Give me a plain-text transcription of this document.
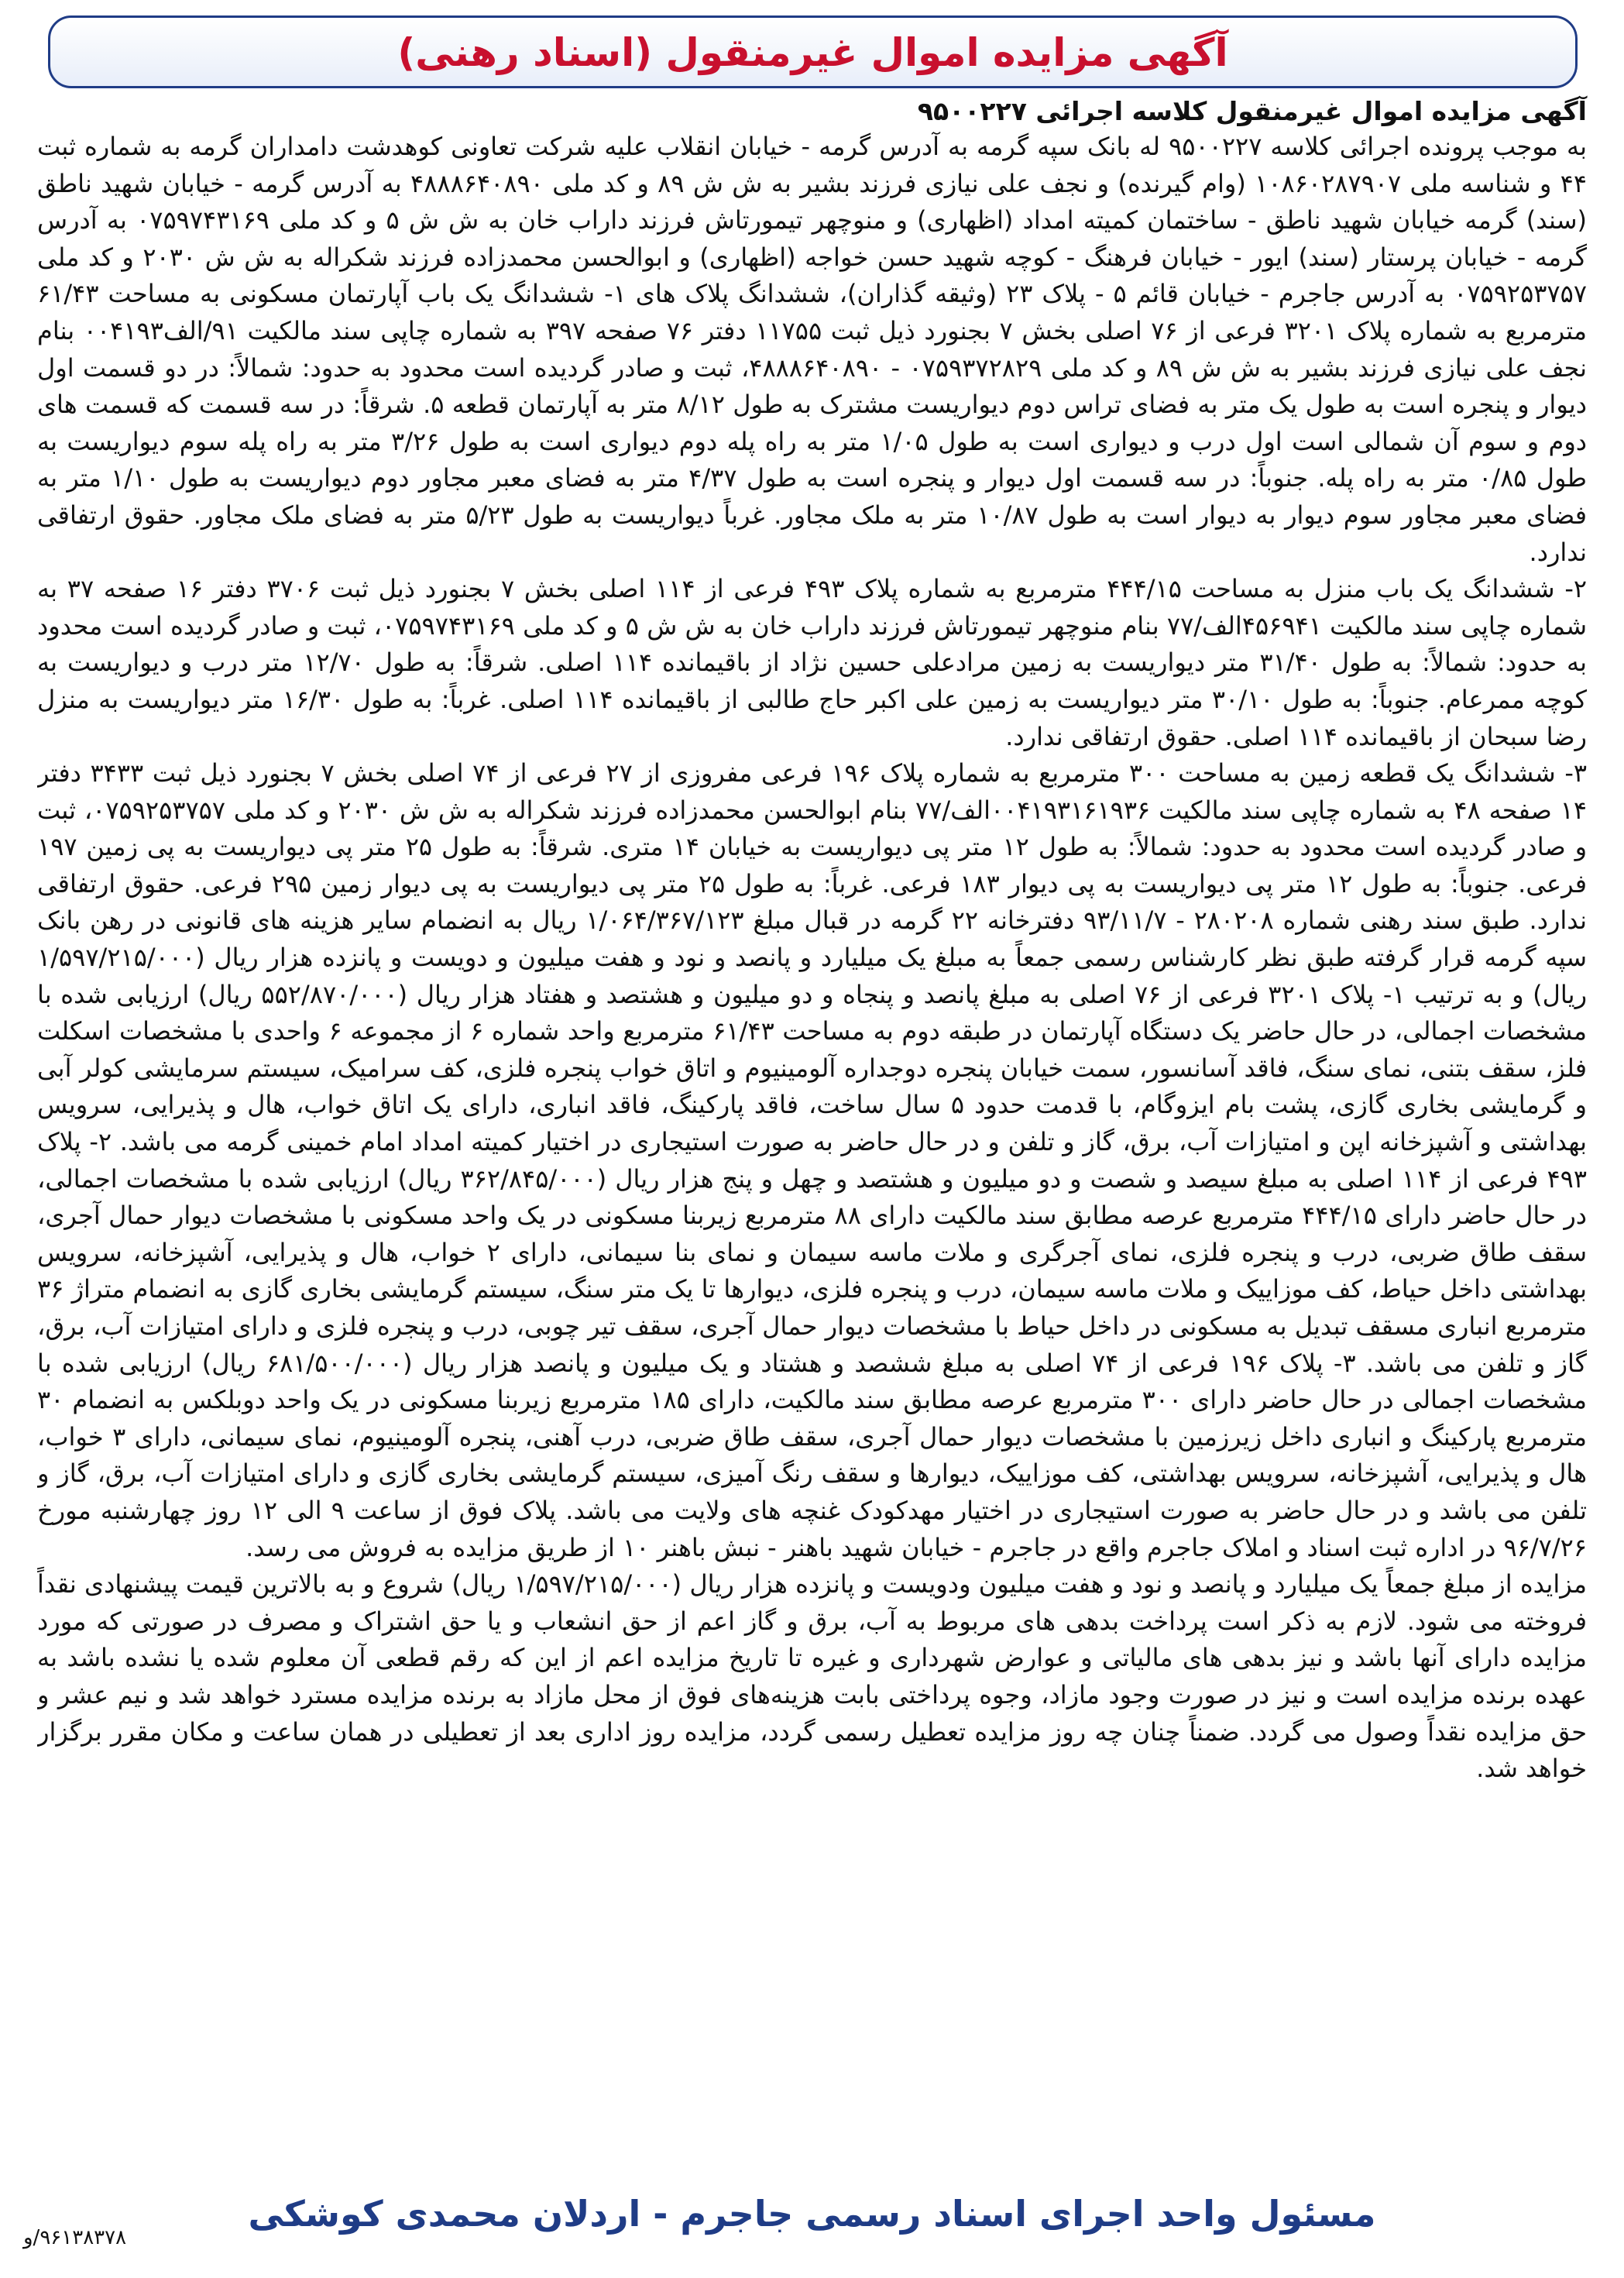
آگهی مزایده اموال غیرمنقول (اسناد رهنی)
آگهی مزایده اموال غیرمنقول کلاسه اجرائی ۹۵۰۰۲۲۷

به موجب پرونده اجرائی کلاسه ۹۵۰۰۲۲۷ له بانک سپه گرمه به آدرس گرمه - خیابان انقلاب علیه شرکت تعاونی کوهدشت دامداران گرمه به شماره ثبت ۴۴ و شناسه ملی ۱۰۸۶۰۲۸۷۹۰۷ (وام گیرنده) و نجف علی نیازی فرزند بشیر به ش ش ۸۹ و کد ملی ۴۸۸۸۶۴۰۸۹۰ به آدرس گرمه - خیابان شهید ناطق (سند) گرمه خیابان شهید ناطق - ساختمان کمیته امداد (اظهاری) و منوچهر تیمورتاش فرزند داراب خان به ش ش ۵ و کد ملی ۰۷۵۹۷۴۳۱۶۹ به آدرس گرمه - خیابان پرستار (سند) ایور - خیابان فرهنگ - کوچه شهید حسن خواجه (اظهاری) و ابوالحسن محمدزاده فرزند شکراله به ش ش ۲۰۳۰ و کد ملی ۰۷۵۹۲۵۳۷۵۷ به آدرس جاجرم - خیابان قائم ۵ - پلاک ۲۳ (وثیقه گذاران)، ششدانگ پلاک های ۱- ششدانگ یک باب آپارتمان مسکونی به مساحت ۶۱/۴۳ مترمربع به شماره پلاک ۳۲۰۱ فرعی از ۷۶ اصلی بخش ۷ بجنورد ذیل ثبت ۱۱۷۵۵ دفتر ۷۶ صفحه ۳۹۷ به شماره چاپی سند مالکیت ۹۱/الف۰۰۴۱۹۳ بنام نجف علی نیازی فرزند بشیر به ش ش ۸۹ و کد ملی ۰۷۵۹۳۷۲۸۲۹ - ۴۸۸۸۶۴۰۸۹۰، ثبت و صادر گردیده است محدود به حدود: شمالاً: در دو قسمت اول دیوار و پنجره است به طول یک متر به فضای تراس دوم دیواریست مشترک به طول ۸/۱۲ متر به آپارتمان قطعه ۵. شرقاً: در سه قسمت که قسمت های دوم و سوم آن شمالی است اول درب و دیواری است به طول ۱/۰۵ متر به راه پله دوم دیواری است به طول ۳/۲۶ متر به راه پله سوم دیواریست به طول ۰/۸۵ متر به راه پله. جنوباً: در سه قسمت اول دیوار و پنجره است به طول ۴/۳۷ متر به فضای معبر مجاور دوم دیواریست به طول ۱/۱۰ متر به فضای معبر مجاور سوم دیوار به دیوار است به طول ۱۰/۸۷ متر به ملک مجاور. غرباً دیواریست به طول ۵/۲۳ متر به فضای ملک مجاور. حقوق ارتفاقی ندارد.

۲- ششدانگ یک باب منزل به مساحت ۴۴۴/۱۵ مترمربع به شماره پلاک ۴۹۳ فرعی از ۱۱۴ اصلی بخش ۷ بجنورد ذیل ثبت ۳۷۰۶ دفتر ۱۶ صفحه ۳۷ به شماره چاپی سند مالکیت ۴۵۶۹۴۱الف/۷۷ بنام منوچهر تیمورتاش فرزند داراب خان به ش ش ۵ و کد ملی ۰۷۵۹۷۴۳۱۶۹، ثبت و صادر گردیده است محدود به حدود: شمالاً: به طول ۳۱/۴۰ متر دیواریست به زمین مرادعلی حسین نژاد از باقیمانده ۱۱۴ اصلی. شرقاً: به طول ۱۲/۷۰ متر درب و دیواریست به کوچه ممرعام. جنوباً: به طول ۳۰/۱۰ متر دیواریست به زمین علی اکبر حاج طالبی از باقیمانده ۱۱۴ اصلی. غرباً: به طول ۱۶/۳۰ متر دیواریست به منزل رضا سبحان از باقیمانده ۱۱۴ اصلی. حقوق ارتفاقی ندارد.

۳- ششدانگ یک قطعه زمین به مساحت ۳۰۰ مترمربع به شماره پلاک ۱۹۶ فرعی مفروزی از ۲۷ فرعی از ۷۴ اصلی بخش ۷ بجنورد ذیل ثبت ۳۴۳۳ دفتر ۱۴ صفحه ۴۸ به شماره چاپی سند مالکیت ۰۰۴۱۹۳۱۶۱۹۳۶الف/۷۷ بنام ابوالحسن محمدزاده فرزند شکراله به ش ش ۲۰۳۰ و کد ملی ۰۷۵۹۲۵۳۷۵۷، ثبت و صادر گردیده است محدود به حدود: شمالاً: به طول ۱۲ متر پی دیواریست به خیابان ۱۴ متری. شرقاً: به طول ۲۵ متر پی دیواریست به پی زمین ۱۹۷ فرعی. جنوباً: به طول ۱۲ متر پی دیواریست به پی دیوار ۱۸۳ فرعی. غرباً: به طول ۲۵ متر پی دیواریست به پی دیوار زمین ۲۹۵ فرعی. حقوق ارتفاقی ندارد. طبق سند رهنی شماره ۲۸۰۲۰۸ - ۹۳/۱۱/۷ دفترخانه ۲۲ گرمه در قبال مبلغ ۱/۰۶۴/۳۶۷/۱۲۳ ریال به انضمام سایر هزینه های قانونی در رهن بانک سپه گرمه قرار گرفته طبق نظر کارشناس رسمی جمعاً به مبلغ یک میلیارد و پانصد و نود و هفت میلیون و دویست و پانزده هزار ریال (۱/۵۹۷/۲۱۵/۰۰۰ ریال) و به ترتیب ۱- پلاک ۳۲۰۱ فرعی از ۷۶ اصلی به مبلغ پانصد و پنجاه و دو میلیون و هشتصد و هفتاد هزار ریال (۵۵۲/۸۷۰/۰۰۰ ریال) ارزیابی شده با مشخصات اجمالی، در حال حاضر یک دستگاه آپارتمان در طبقه دوم به مساحت ۶۱/۴۳ مترمربع واحد شماره ۶ از مجموعه ۶ واحدی با مشخصات اسکلت فلز، سقف بتنی، نمای سنگ، فاقد آسانسور، سمت خیابان پنجره دوجداره آلومینیوم و اتاق خواب پنجره فلزی، کف سرامیک، سیستم سرمایشی کولر آبی و گرمایشی بخاری گازی، پشت بام ایزوگام، با قدمت حدود ۵ سال ساخت، فاقد پارکینگ، فاقد انباری، دارای یک اتاق خواب، هال و پذیرایی، سرویس بهداشتی و آشپزخانه اپن و امتیازات آب، برق، گاز و تلفن و در حال حاضر به صورت استیجاری در اختیار کمیته امداد امام خمینی گرمه می باشد. ۲- پلاک ۴۹۳ فرعی از ۱۱۴ اصلی به مبلغ سیصد و شصت و دو میلیون و هشتصد و چهل و پنج هزار ریال (۳۶۲/۸۴۵/۰۰۰ ریال) ارزیابی شده با مشخصات اجمالی، در حال حاضر دارای ۴۴۴/۱۵ مترمربع عرصه مطابق سند مالکیت دارای ۸۸ مترمربع زیربنا مسکونی در یک واحد مسکونی با مشخصات دیوار حمال آجری، سقف طاق ضربی، درب و پنجره فلزی، نمای آجرگری و ملات ماسه سیمان و نمای بنا سیمانی، دارای ۲ خواب، هال و پذیرایی، آشپزخانه، سرویس بهداشتی داخل حیاط، کف موزاییک و ملات ماسه سیمان، درب و پنجره فلزی، دیوارها تا یک متر سنگ، سیستم گرمایشی بخاری گازی به انضمام متراژ ۳۶ مترمربع انباری مسقف تبدیل به مسکونی در داخل حیاط با مشخصات دیوار حمال آجری، سقف تیر چوبی، درب و پنجره فلزی و دارای امتیازات آب، برق، گاز و تلفن می باشد. ۳- پلاک ۱۹۶ فرعی از ۷۴ اصلی به مبلغ ششصد و هشتاد و یک میلیون و پانصد هزار ریال (۶۸۱/۵۰۰/۰۰۰ ریال) ارزیابی شده با مشخصات اجمالی در حال حاضر دارای ۳۰۰ مترمربع عرصه مطابق سند مالکیت، دارای ۱۸۵ مترمربع زیربنا مسکونی در یک واحد دوبلکس به انضمام ۳۰ مترمربع پارکینگ و انباری داخل زیرزمین با مشخصات دیوار حمال آجری، سقف طاق ضربی، درب آهنی، پنجره آلومینیوم، نمای سیمانی، دارای ۳ خواب، هال و پذیرایی، آشپزخانه، سرویس بهداشتی، کف موزاییک، دیوارها و سقف رنگ آمیزی، سیستم گرمایشی بخاری گازی و دارای امتیازات آب، برق، گاز و تلفن می باشد و در حال حاضر به صورت استیجاری در اختیار مهدکودک غنچه های ولایت می باشد. پلاک فوق از ساعت ۹ الی ۱۲ روز چهارشنبه مورخ ۹۶/۷/۲۶ در اداره ثبت اسناد و املاک جاجرم واقع در جاجرم - خیابان شهید باهنر - نبش باهنر ۱۰ از طریق مزایده به فروش می رسد.

مزایده از مبلغ جمعاً یک میلیارد و پانصد و نود و هفت میلیون ودویست و پانزده هزار ریال (۱/۵۹۷/۲۱۵/۰۰۰ ریال) شروع و به بالاترین قیمت پیشنهادی نقداً فروخته می شود. لازم به ذکر است پرداخت بدهی های مربوط به آب، برق و گاز اعم از حق انشعاب و یا حق اشتراک و مصرف در صورتی که مورد مزایده دارای آنها باشد و نیز بدهی های مالیاتی و عوارض شهرداری و غیره تا تاریخ مزایده اعم از این که رقم قطعی آن معلوم شده یا نشده باشد به عهده برنده مزایده است و نیز در صورت وجود مازاد، وجوه پرداختی بابت هزینه‌های فوق از محل مازاد به برنده مزایده مسترد خواهد شد و نیم عشر و حق مزایده نقداً وصول می گردد. ضمناً چنان چه روز مزایده تعطیل رسمی گردد، مزایده روز اداری بعد از تعطیلی در همان ساعت و مکان مقرر برگزار خواهد شد.

مسئول واحد اجرای اسناد رسمی جاجرم - اردلان محمدی کوشکی
۹۶۱۳۸۳۷۸/و
